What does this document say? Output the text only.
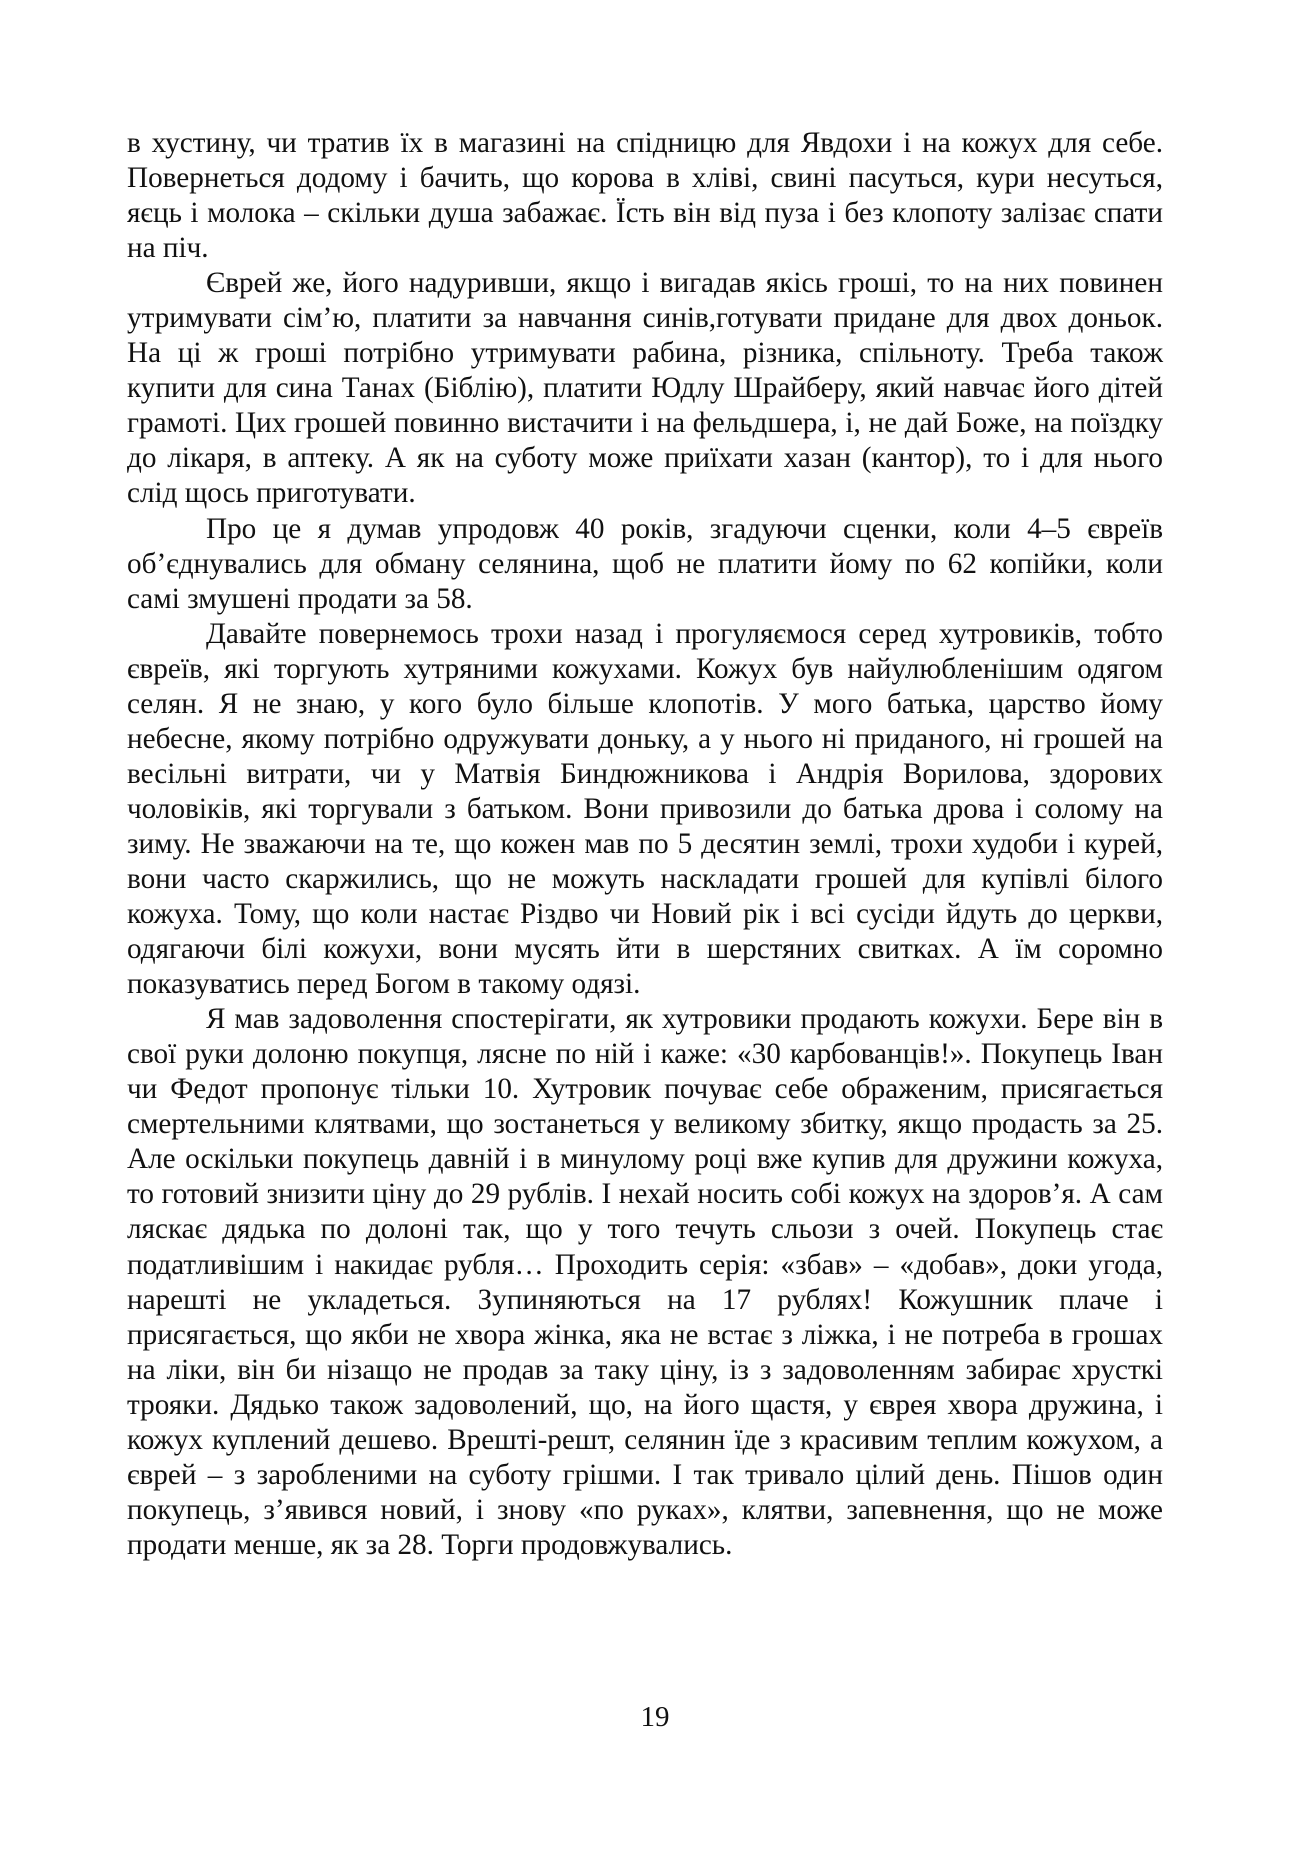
в хустину, чи тратив їх в магазині на спідницю для Явдохи і на кожух для себе. Повернеться додому і бачить, що корова в хліві, свині пасуться, кури несуться, яєць і молока – скільки душа забажає. Їсть він від пуза і без клопоту залізає спати на піч.

Єврей же, його надуривши, якщо і вигадав якісь гроші, то на них повинен утримувати сім’ю, платити за навчання синів,готувати придане для двох доньок. На ці ж гроші потрібно утримувати рабина, різника, спільноту. Треба також купити для сина Танах (Біблію), платити Юдлу Шрайберу, який навчає його дітей грамоті. Цих грошей повинно вистачити і на фельдшера, і, не дай Боже, на поїздку до лікаря, в аптеку. А як на суботу може приїхати хазан (кантор), то і для нього слід щось приготувати.

Про це я думав упродовж 40 років, згадуючи сценки, коли 4–5 євреїв об’єднувались для обману селянина, щоб не платити йому по 62 копійки, коли самі змушені продати за 58.

Давайте повернемось трохи назад і прогуляємося серед хутровиків, тобто євреїв, які торгують хутряними кожухами. Кожух був найулюбленішим одягом селян. Я не знаю, у кого було більше клопотів. У мого батька, царство йому небесне, якому потрібно одружувати доньку, а у нього ні приданого, ні грошей на весільні витрати, чи у Матвія Биндюжникова і Андрія Ворилова, здорових чоловіків, які торгували з батьком. Вони привозили до батька дрова і солому на зиму. Не зважаючи на те, що кожен мав по 5 десятин землі, трохи худоби і курей, вони часто скаржились, що не можуть наскладати грошей для купівлі білого кожуха. Тому, що коли настає Різдво чи Новий рік і всі сусіди йдуть до церкви, одягаючи білі кожухи, вони мусять йти в шерстяних свитках. А їм соромно показуватись перед Богом в такому одязі.

Я мав задоволення спостерігати, як хутровики продають кожухи. Бере він в свої руки долоню покупця, лясне по ній і каже: «30 карбованців!». Покупець Іван чи Федот пропонує тільки 10. Хутровик почуває себе ображеним, присягається смертельними клятвами, що зостанеться у великому збитку, якщо продасть за 25. Але оскільки покупець давній і в минулому році вже купив для дружини кожуха, то готовий знизити ціну до 29 рублів. І нехай носить собі кожух на здоров’я. А сам ляскає дядька по долоні так, що у того течуть сльози з очей. Покупець стає податливішим і накидає рубля… Проходить серія: «збав» – «добав», доки угода, нарешті не укладеться. Зупиняються на 17 рублях! Кожушник плаче і присягається, що якби не хвора жінка, яка не встає з ліжка, і не потреба в грошах на ліки, він би нізащо не продав за таку ціну, із з задоволенням забирає хрусткі трояки. Дядько також задоволений, що, на його щастя, у єврея хвора дружина, і кожух куплений дешево. Врешті-решт, селянин їде з красивим теплим кожухом, а єврей – з заробленими на суботу грішми. І так тривало цілий день. Пішов один покупець, з’явився новий, і знову «по руках», клятви, запевнення, що не може продати менше, як за 28. Торги продовжувались.

19
